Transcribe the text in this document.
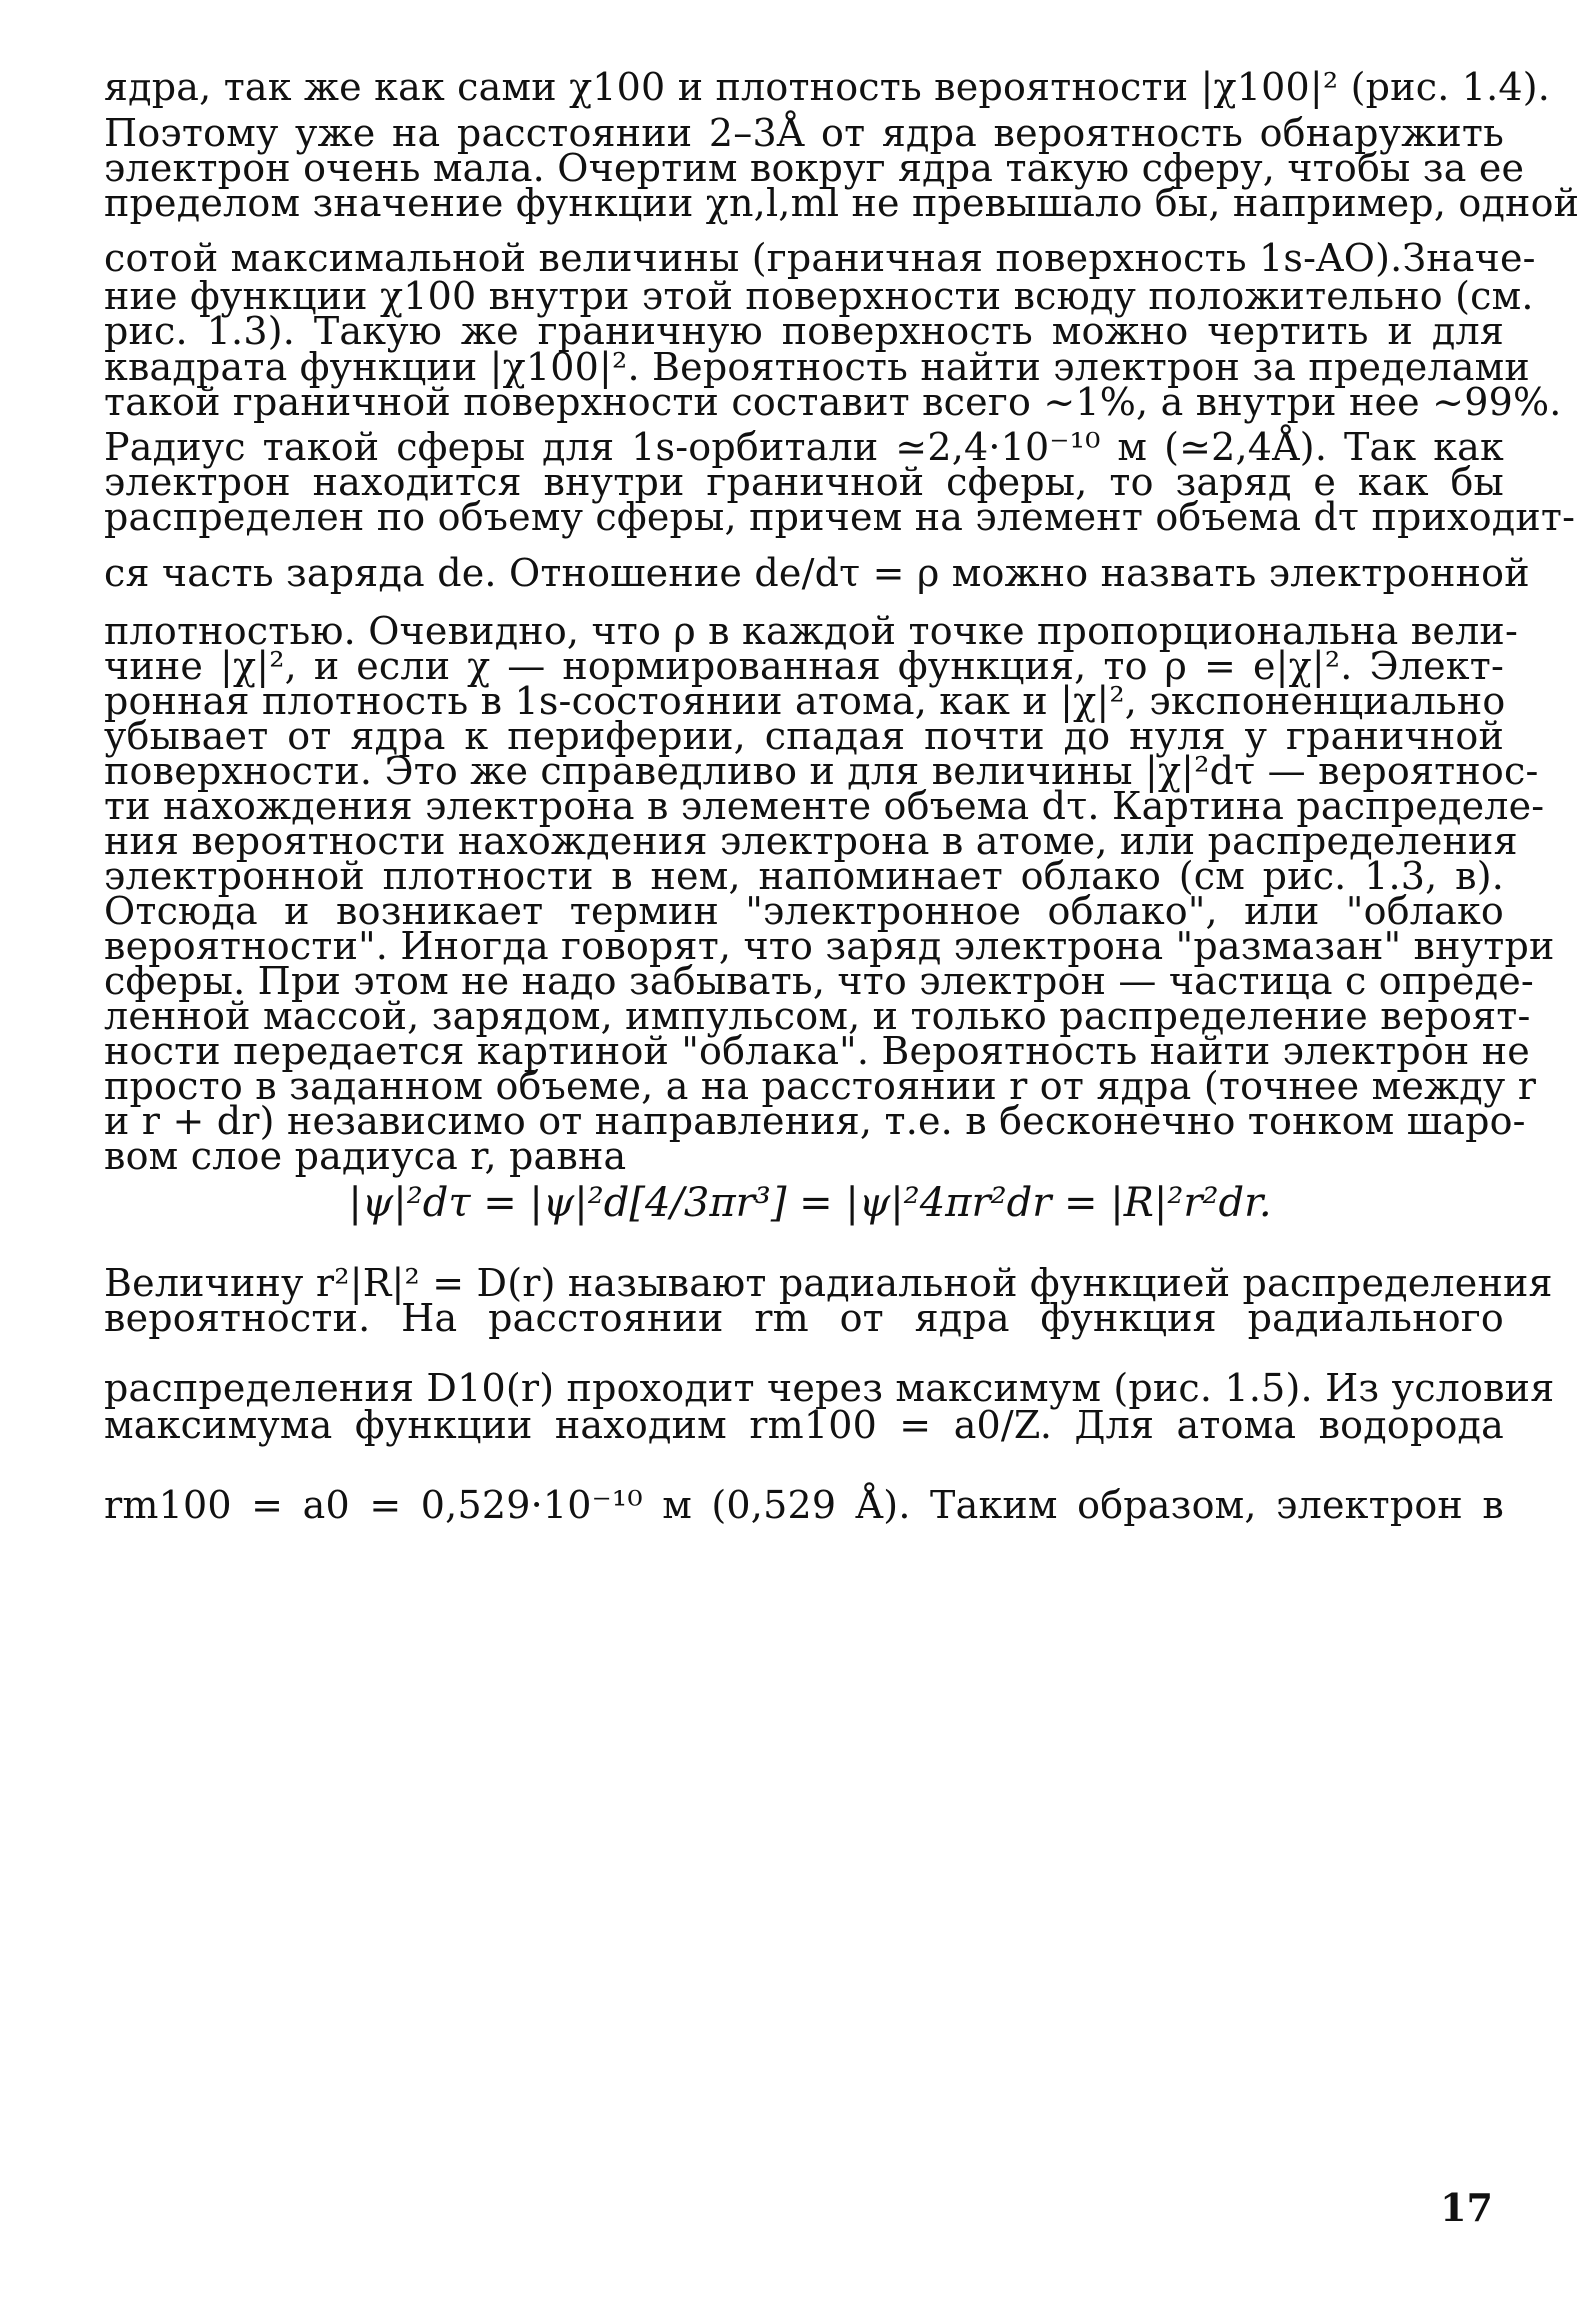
ядра, так же как сами χ100 и плотность вероятности |χ100|² (рис. 1.4).
Поэтому уже на расстоянии 2–3Å от ядра вероятность обнаружить
электрон очень мала. Очертим вокруг ядра такую сферу, чтобы за ее
пределом значение функции χn,l,ml не превышало бы, например, одной
сотой максимальной величины (граничная поверхность 1s-AO).Значе-
ние функции χ100 внутри этой поверхности всюду положительно (см.
рис. 1.3). Такую же граничную поверхность можно чертить и для
квадрата функции |χ100|². Вероятность найти электрон за пределами
такой граничной поверхности составит всего ~1%, а внутри нее ~99%.
Радиус такой сферы для 1s-орбитали ≃2,4·10⁻¹⁰ м (≃2,4Å). Так как
электрон находится внутри граничной сферы, то заряд e как бы
распределен по объему сферы, причем на элемент объема dτ приходит-
ся часть заряда de. Отношение de/dτ = ρ можно назвать электронной
плотностью. Очевидно, что ρ в каждой точке пропорциональна вели-
чине |χ|², и если χ — нормированная функция, то ρ = e|χ|². Элект-
ронная плотность в 1s-состоянии атома, как и |χ|², экспоненциально
убывает от ядра к периферии, спадая почти до нуля у граничной
поверхности. Это же справедливо и для величины |χ|²dτ — вероятнос-
ти нахождения электрона в элементе объема dτ. Картина распределе-
ния вероятности нахождения электрона в атоме, или распределения
электронной плотности в нем, напоминает облако (см рис. 1.3, в).
Отсюда и возникает термин "электронное облако", или "облако
вероятности". Иногда говорят, что заряд электрона "размазан" внутри
сферы. При этом не надо забывать, что электрон — частица с опреде-
ленной массой, зарядом, импульсом, и только распределение вероят-
ности передается картиной "облака". Вероятность найти электрон не
просто в заданном объеме, а на расстоянии r от ядра (точнее между r
и r + dr) независимо от направления, т.е. в бесконечно тонком шаро-
вом слое радиуса r, равна
|ψ|²dτ = |ψ|²d[4/3πr³] = |ψ|²4πr²dr = |R|²r²dr.
Величину r²|R|² = D(r) называют радиальной функцией распределения
вероятности. На расстоянии rm от ядра функция радиального
распределения D10(r) проходит через максимум (рис. 1.5). Из условия
максимума функции находим rm100 = a0/Z. Для атома водорода
rm100 = a0 = 0,529·10⁻¹⁰ м (0,529 Å). Таким образом, электрон в
17
